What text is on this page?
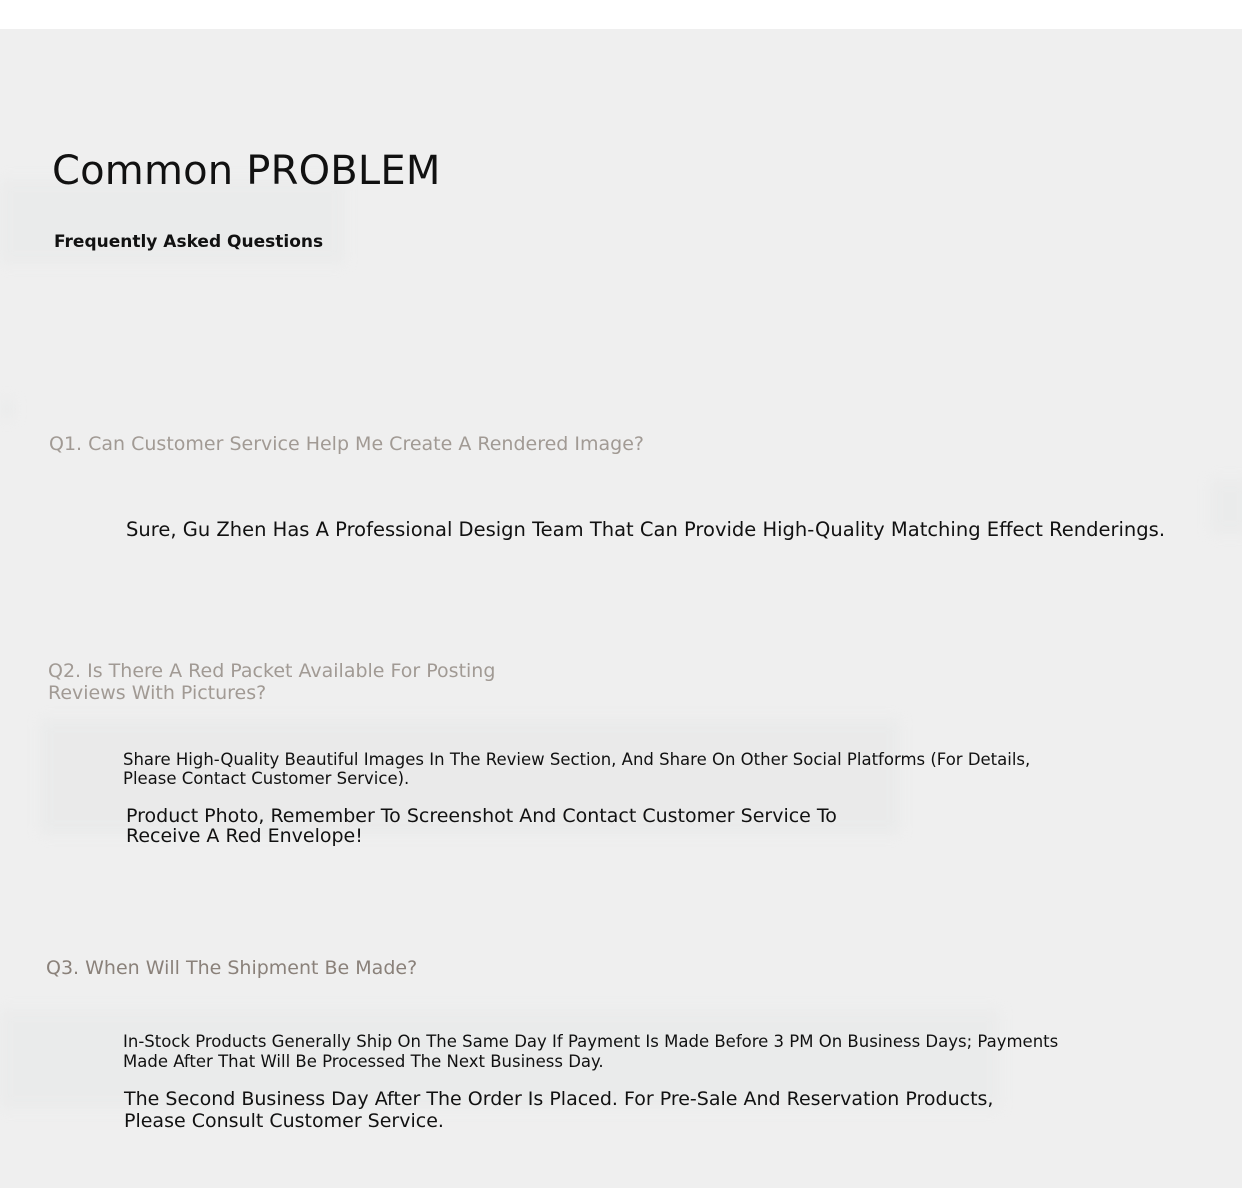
Common PROBLEM
Frequently Asked Questions
Q1. Can Customer Service Help Me Create A Rendered Image?

Sure, Gu Zhen Has A Professional Design Team That Can Provide High-Quality Matching Effect Renderings.

Q2. Is There A Red Packet Available For Posting Reviews With Pictures?

Share High-Quality Beautiful Images In The Review Section, And Share On Other Social Platforms (For Details, Please Contact Customer Service).

Product Photo, Remember To Screenshot And Contact Customer Service To Receive A Red Envelope!

Q3. When Will The Shipment Be Made?

In-Stock Products Generally Ship On The Same Day If Payment Is Made Before 3 PM On Business Days; Payments Made After That Will Be Processed The Next Business Day.

The Second Business Day After The Order Is Placed. For Pre-Sale And Reservation Products, Please Consult Customer Service.
